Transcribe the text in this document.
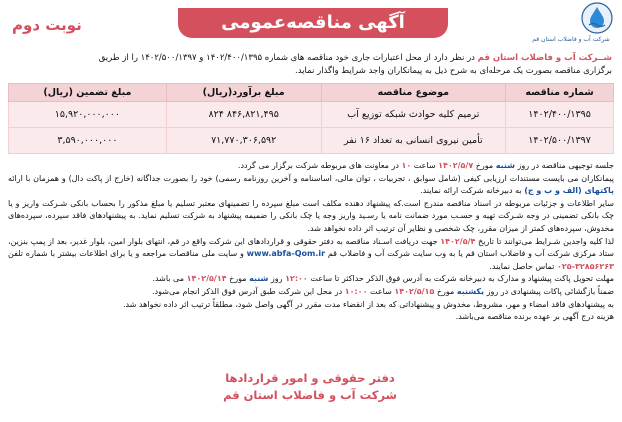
نوبت دوم	آگهی مناقصه‌عمومی
شرکت آب و فاضلاب استان قم
شــرکت آب و فاضلاب استان قم در نظر دارد از محل اعتبارات جاری خود مناقصه های شماره ۱۴۰۲/۴۰۰/۱۳۹۵ و ۱۴۰۲/۵۰۰/۱۳۹۷ را از طریق
برگزاری مناقصه بصورت یک مرحله‌ای به شرح ذیل به پیمانکاران واجد شرایط واگذار نماید.
شماره مناقصه	موضوع مناقصه	مبلغ برآورد(ریال)	مبلغ تضمین (ریال)
۱۴۰۲/۴۰۰/۱۳۹۵	ترمیم کلیه حوادث شبکه توزیع آب	۸۴۶,۸۲۱,۴۹۵ ۸۲۴	۱۵,۹۲۰,۰۰۰,۰۰۰
۱۴۰۲/۵۰۰/۱۳۹۷	تأمین نیروی انسانی به تعداد ۱۶ نفر	۷۱,۷۷۰,۳۰۶,۵۹۲	۳,۵۹۰,۰۰۰,۰۰۰

جلسه توجیهی مناقصه در روز شنبه مورخ ۱۴۰۲/۵/۷ ساعت ۱۰ در معاونت های مربوطه شرکت برگزار می گردد.

پیمانکاران می بایست مستندات ارزیابی کیفی (شامل سوابق ، تجربیات ، توان مالی، اساسنامه و آخرین روزنامه رسمی) خود را بصورت جداگانه (خارج از پاکت دال) و همزمان با ارائه پاکتهای (الف و ب و ج) به دبیرخانه شرکت ارائه نمایند.

سایر اطلاعات و جزئیات مربوطه در اسناد مناقصه مندرج است.که پیشنهاد دهنده مکلف است مبلغ سپرده را تضمینهای معتبر تسلیم یا مبلغ مذکور را بحساب بانکی شـرکت واریز و یا چک بانکی تضمینی در وجه شـرکت تهیه و حسـب مورد ضمانت نامه یا رسـید واریز وجه یا چک بانکی را ضمیمه پیشنهاد به شرکت تسلیم نماید. به پیشنهادهای فاقد سپرده، سپرده‌های مخدوش، سپرده‌های کمتر از میزان مقرر، چک شخصی و نظایر آن ترتیب اثر داده نخواهد شد.

لذا کلیه واجدین شـرایط می‌توانند تا تاریخ ۱۴۰۲/۵/۴ جهت دریافت اسـناد مناقصه به دفتر حقوقی و قراردادهای این شرکت واقع در قم، انتهای بلوار امین، بلوار غدیر، بعد از پمپ بنزین، ستاد مرکزی شرکت آب و فاضلاب استان قم یا به وب سایت شرکت آب و فاضلاب قم www.abfa-Qom.ir و سایت ملی مناقصات مراجعه و یا برای اطلاعات بیشتر با شماره تلفن ۳۲۸۵۶۲۶۳-۰۲۵ تماس حاصل نمایند.

مهلت تحویل پاکت پیشنهاد و مدارک به دبیرخانه شرکت به آدرس فوق الذکر حداکثر تا ساعت ۱۲:۰۰ روز شنبه مورخ ۱۴۰۲/۵/۱۴ می باشد.

ضمناً بازگشائی پاکات پیشنهادی در روز یکشنبه مورخ ۱۴۰۲/۵/۱۵ ساعت ۱۰:۰۰ در محل این شرکت طبق آدرس فوق الذکر انجام می‌شود.

به پیشنهادهای فاقد امضاء و مهر، مشروط، مخدوش و پیشنهاداتی که بعد از انقضاء مدت مقرر در آگهی واصل شود، مطلقاً ترتیب اثر داده نخواهد شد.

هزینه درج آگهی بر عهده برنده مناقصه می‌باشد.

دفتر حقوقی و امور قراردادها
شرکت آب و فاضلاب استان قم
